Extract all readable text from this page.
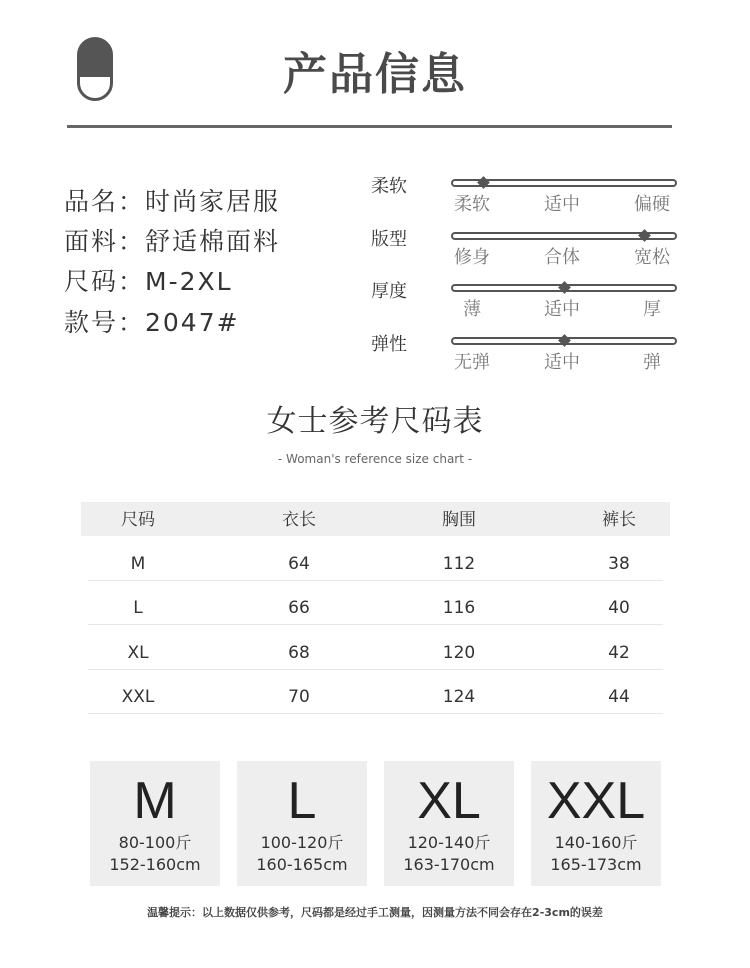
产品信息
品名：时尚家居服
面料：舒适棉面料
尺码：M-2XL
款号：2047#
柔软
柔软	适中	偏硬
版型
修身	合体	宽松
厚度
薄	适中	厚
弹性
无弹	适中	弹
女士参考尺码表
- Woman's reference size chart -
尺码	衣长	胸围	裤长
M	64	112	38
L	66	116	40
XL	68	120	42
XXL	70	124	44
M
80-100斤
152-160cm
L
100-120斤
160-165cm
XL
120-140斤
163-170cm
XXL
140-160斤
165-173cm
温馨提示：以上数据仅供参考，尺码都是经过手工测量，因测量方法不同会存在2-3cm的误差
